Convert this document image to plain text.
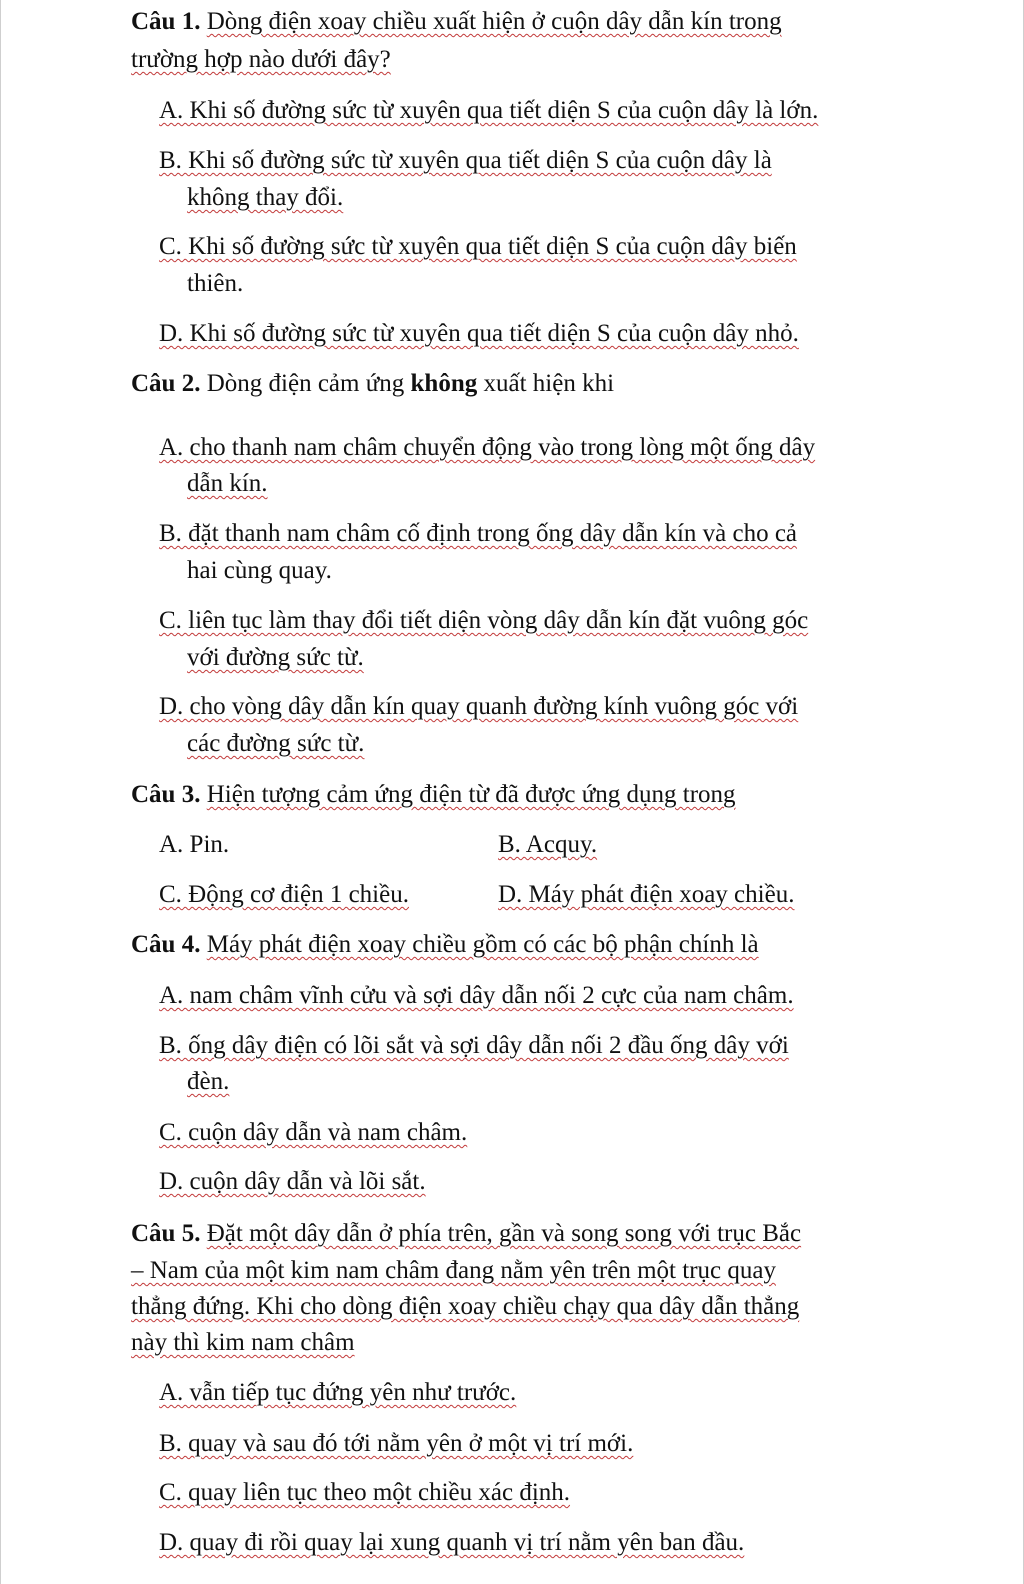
Câu 1. Dòng điện xoay chiều xuất hiện ở cuộn dây dẫn kín trong
trường hợp nào dưới đây?
A. Khi số đường sức từ xuyên qua tiết diện S của cuộn dây là lớn.
B. Khi số đường sức từ xuyên qua tiết diện S của cuộn dây là
không thay đổi.
C. Khi số đường sức từ xuyên qua tiết diện S của cuộn dây biến
thiên.
D. Khi số đường sức từ xuyên qua tiết diện S của cuộn dây nhỏ.
Câu 2. Dòng điện cảm ứng không xuất hiện khi
A. cho thanh nam châm chuyển động vào trong lòng một ống dây
dẫn kín.
B. đặt thanh nam châm cố định trong ống dây dẫn kín và cho cả
hai cùng quay.
C. liên tục làm thay đổi tiết diện vòng dây dẫn kín đặt vuông góc
với đường sức từ.
D. cho vòng dây dẫn kín quay quanh đường kính vuông góc với
các đường sức từ.
Câu 3. Hiện tượng cảm ứng điện từ đã được ứng dụng trong
A. Pin.	B. Acquy.
C. Động cơ điện 1 chiều.	D. Máy phát điện xoay chiều.
Câu 4. Máy phát điện xoay chiều gồm có các bộ phận chính là
A. nam châm vĩnh cửu và sợi dây dẫn nối 2 cực của nam châm.
B. ống dây điện có lõi sắt và sợi dây dẫn nối 2 đầu ống dây với
đèn.
C. cuộn dây dẫn và nam châm.
D. cuộn dây dẫn và lõi sắt.
Câu 5. Đặt một dây dẫn ở phía trên, gần và song song với trục Bắc
– Nam của một kim nam châm đang nằm yên trên một trục quay
thẳng đứng. Khi cho dòng điện xoay chiều chạy qua dây dẫn thẳng
này thì kim nam châm
A. vẫn tiếp tục đứng yên như trước.
B. quay và sau đó tới nằm yên ở một vị trí mới.
C. quay liên tục theo một chiều xác định.
D. quay đi rồi quay lại xung quanh vị trí nằm yên ban đầu.
